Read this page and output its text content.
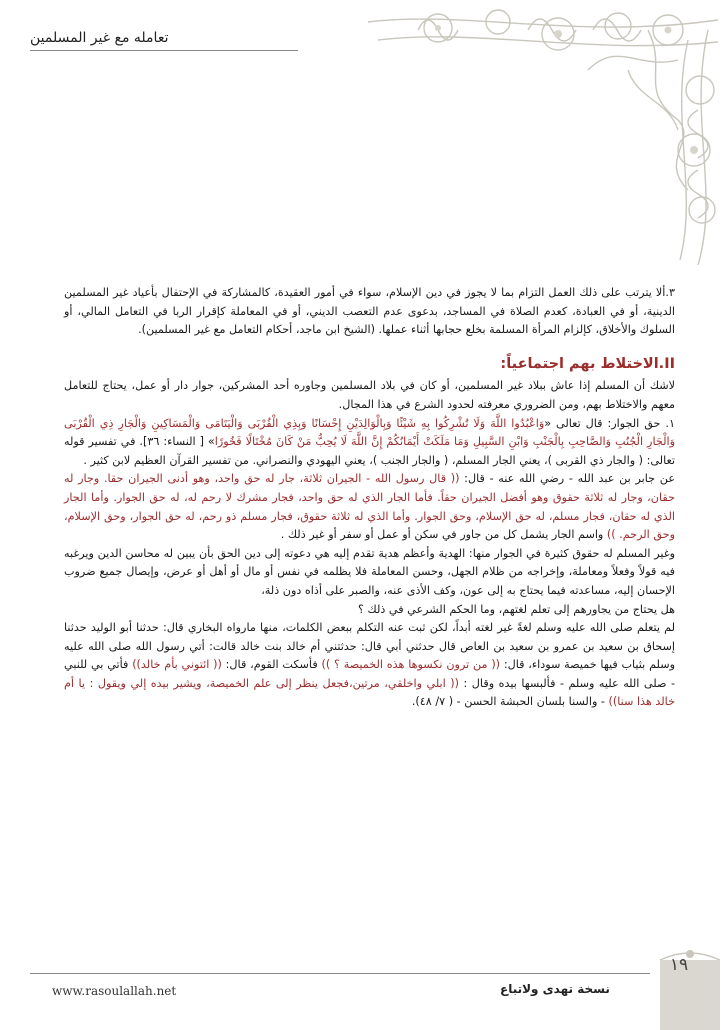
تعامله مع غير المسلمين

٣.ألا يترتب على ذلك العمل التزام بما لا يجوز في دين الإسلام، سواء في أمور العقيدة، كالمشاركة في الإحتفال بأعياد غير المسلمين الدينية، أو في العبادة، كعدم الصلاة في المساجد، بدعوى عدم التعصب الديني، أو في المعاملة كإقرار الربا في التعامل المالي، أو السلوك والأخلاق، كإلزام المرأة المسلمة بخلع حجابها أثناء عملها. (الشيخ ابن ماجد، أحكام التعامل مع غير المسلمين).

II.الاختلاط بهم اجتماعياً:

لاشك أن المسلم إذا عاش ببلاد غير المسلمين، أو كان في بلاد المسلمين وجاوره أحد المشركين، جوار دار أو عمل، يحتاج للتعامل معهم والاختلاط بهم، ومن الضروري معرفته لحدود الشرع في هذا المجال.

١. حق الجوار: قال تعالى «وَاعْبُدُوا اللَّهَ وَلَا تُشْرِكُوا بِهِ شَيْئًا وَبِالْوَالِدَيْنِ إِحْسَانًا وَبِذِي الْقُرْبَى وَالْيَتَامَى وَالْمَسَاكِينِ وَالْجَارِ ذِي الْقُرْبَى وَالْجَارِ الْجُنُبِ وَالصَّاحِبِ بِالْجَنْبِ وَابْنِ السَّبِيلِ وَمَا مَلَكَتْ أَيْمَانُكُمْ إِنَّ اللَّهَ لَا يُحِبُّ مَنْ كَانَ مُخْتَالًا فَخُورًا» [ النساء: ٣٦]. في تفسير قوله تعالى: ( والجار ذي القربى )، يعني الجار المسلم، ( والجار الجنب )، يعني اليهودي والنصراني. من تفسير القرآن العظيم لابن كثير .

عن جابر بن عبد الله - رضي الله عنه - قال: (( قال رسول الله - الجيران ثلاثة، جار له حق واحد، وهو أدنى الجيران حقا. وجار له حقان، وجار له ثلاثة حقوق وهو أفضل الجيران حقاً. فأما الجار الذي له حق واحد، فجار مشرك لا رحم له، له حق الجوار. وأما الجار الذي له حقان، فجار مسلم، له حق الإسلام، وحق الجوار. وأما الذي له ثلاثة حقوق، فجار مسلم ذو رحم، له حق الجوار، وحق الإسلام، وحق الرحم. )) واسم الجار يشمل كل من جاور في سكن أو عمل أو سفر أو غير ذلك .

وغير المسلم له حقوق كثيرة في الجوار منها: الهدية وأعظم هدية تقدم إليه هي دعوته إلى دين الحق بأن يبين له محاسن الدين ويرغبه فيه قولاً وفعلاً ومعاملة، وإخراجه من ظلام الجهل، وحسن المعاملة فلا يظلمه في نفس أو مال أو أهل أو عرض، وإيصال جميع ضروب الإحسان إليه، مساعدته فيما يحتاج به إلى عون، وكف الأذى عنه، والصبر على أذاه دون ذلة،

هل يحتاج من يجاورهم إلى تعلم لغتهم، وما الحكم الشرعي في ذلك ؟

لم يتعلم صلى الله عليه وسلم لغةً غير لغته أبداً، لكن ثبت عنه التكلم ببعض الكلمات، منها مارواه البخاري قال: حدثنا أبو الوليد حدثنا إسحاق بن سعيد بن عمرو بن سعيد بن العاص قال حدثني أبي قال: حدثتني أم خالد بنت خالد قالت: أتي رسول الله صلى الله عليه وسلم بثياب فيها خميصة سوداء، قال: (( من ترون نكسوها هذه الخميصة ؟ )) فأسكت القوم، قال: (( ائتوني بأم خالد)) فأتي بي للنبي - صلى الله عليه وسلم - فألبسها بيده وقال : (( ابلي واخلقي، مرتين،فجعل ينظر إلى علم الخميصة، ويشير بيده إلي ويقول : يا أم خالد هذا سنا)) - والسنا بلسان الحبشة الحسن - ( ٧/ ٤٨).

www.rasoulallah.net	نسخة تهدى ولاتباع
١٩
